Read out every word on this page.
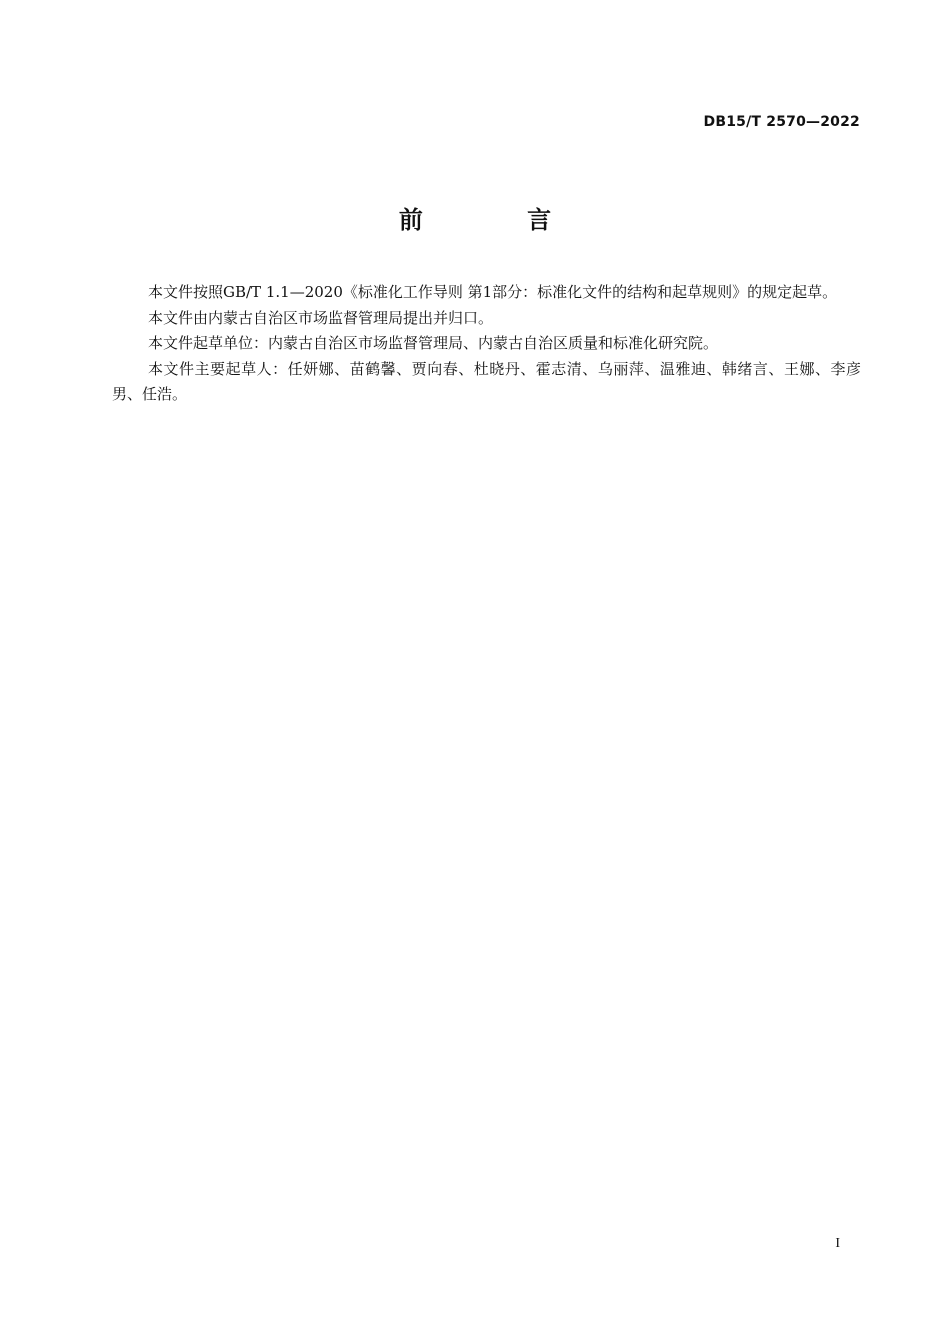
DB15/T 2570—2022
前 言

本文件按照GB/T 1.1—2020《标准化工作导则 第1部分：标准化文件的结构和起草规则》的规定起草。

本文件由内蒙古自治区市场监督管理局提出并归口。

本文件起草单位：内蒙古自治区市场监督管理局、内蒙古自治区质量和标准化研究院。

本文件主要起草人：任妍娜、苗鹤馨、贾向春、杜晓丹、霍志清、乌丽萍、温雅迪、韩绪言、王娜、李彦男、任浩。

I
